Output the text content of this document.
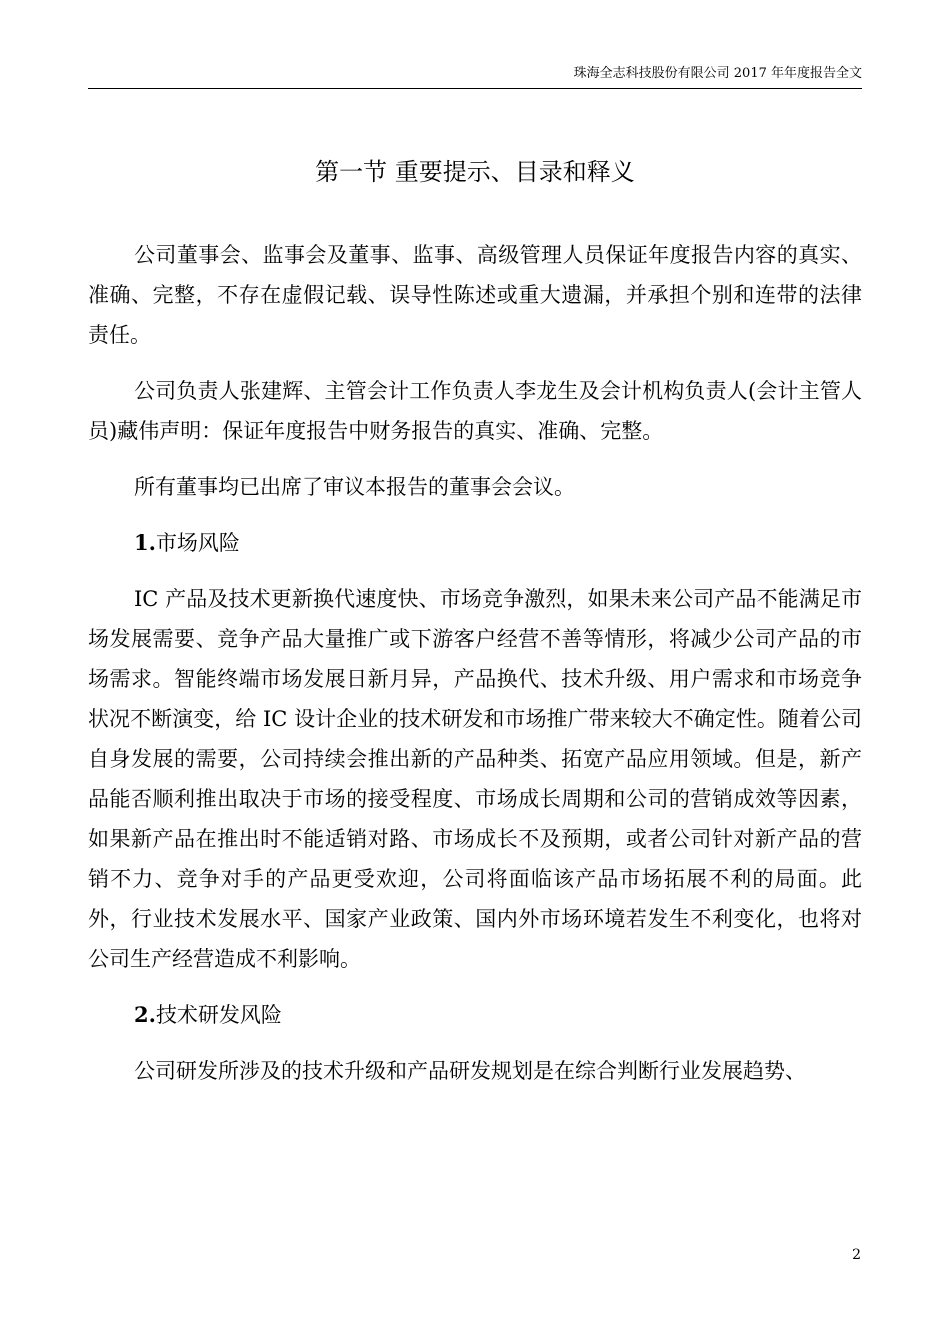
珠海全志科技股份有限公司 2017 年年度报告全文
第一节 重要提示、目录和释义

公司董事会、监事会及董事、监事、高级管理人员保证年度报告内容的真实、准确、完整，不存在虚假记载、误导性陈述或重大遗漏，并承担个别和连带的法律责任。

公司负责人张建辉、主管会计工作负责人李龙生及会计机构负责人(会计主管人员)藏伟声明：保证年度报告中财务报告的真实、准确、完整。

所有董事均已出席了审议本报告的董事会会议。

1.市场风险

IC 产品及技术更新换代速度快、市场竞争激烈，如果未来公司产品不能满足市场发展需要、竞争产品大量推广或下游客户经营不善等情形，将减少公司产品的市场需求。智能终端市场发展日新月异，产品换代、技术升级、用户需求和市场竞争状况不断演变，给 IC 设计企业的技术研发和市场推广带来较大不确定性。随着公司自身发展的需要，公司持续会推出新的产品种类、拓宽产品应用领域。但是，新产品能否顺利推出取决于市场的接受程度、市场成长周期和公司的营销成效等因素，如果新产品在推出时不能适销对路、市场成长不及预期，或者公司针对新产品的营销不力、竞争对手的产品更受欢迎，公司将面临该产品市场拓展不利的局面。此外，行业技术发展水平、国家产业政策、国内外市场环境若发生不利变化，也将对公司生产经营造成不利影响。

2.技术研发风险

公司研发所涉及的技术升级和产品研发规划是在综合判断行业发展趋势、

2
